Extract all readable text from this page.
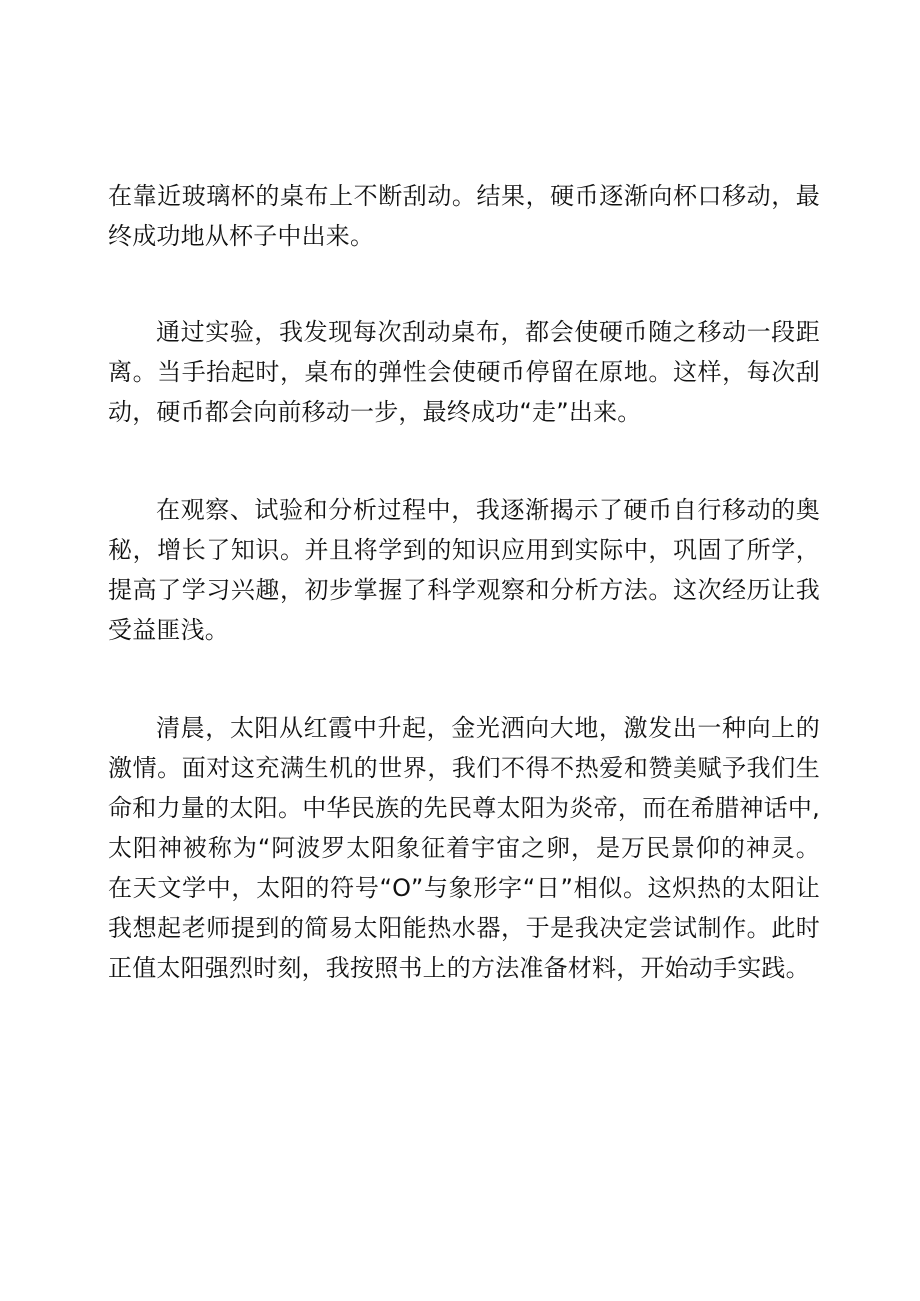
在靠近玻璃杯的桌布上不断刮动。结果，硬币逐渐向杯口移动，最终成功地从杯子中出来。

通过实验，我发现每次刮动桌布，都会使硬币随之移动一段距离。当手抬起时，桌布的弹性会使硬币停留在原地。这样，每次刮动，硬币都会向前移动一步，最终成功“走”出来。

在观察、试验和分析过程中，我逐渐揭示了硬币自行移动的奥秘，增长了知识。并且将学到的知识应用到实际中，巩固了所学，提高了学习兴趣，初步掌握了科学观察和分析方法。这次经历让我受益匪浅。

清晨，太阳从红霞中升起，金光洒向大地，激发出一种向上的激情。面对这充满生机的世界，我们不得不热爱和赞美赋予我们生命和力量的太阳。中华民族的先民尊太阳为炎帝，而在希腊神话中,太阳神被称为“阿波罗太阳象征着宇宙之卵，是万民景仰的神灵。在天文学中，太阳的符号“O”与象形字“日”相似。这炽热的太阳让我想起老师提到的简易太阳能热水器，于是我决定尝试制作。此时正值太阳强烈时刻，我按照书上的方法准备材料，开始动手实践。
